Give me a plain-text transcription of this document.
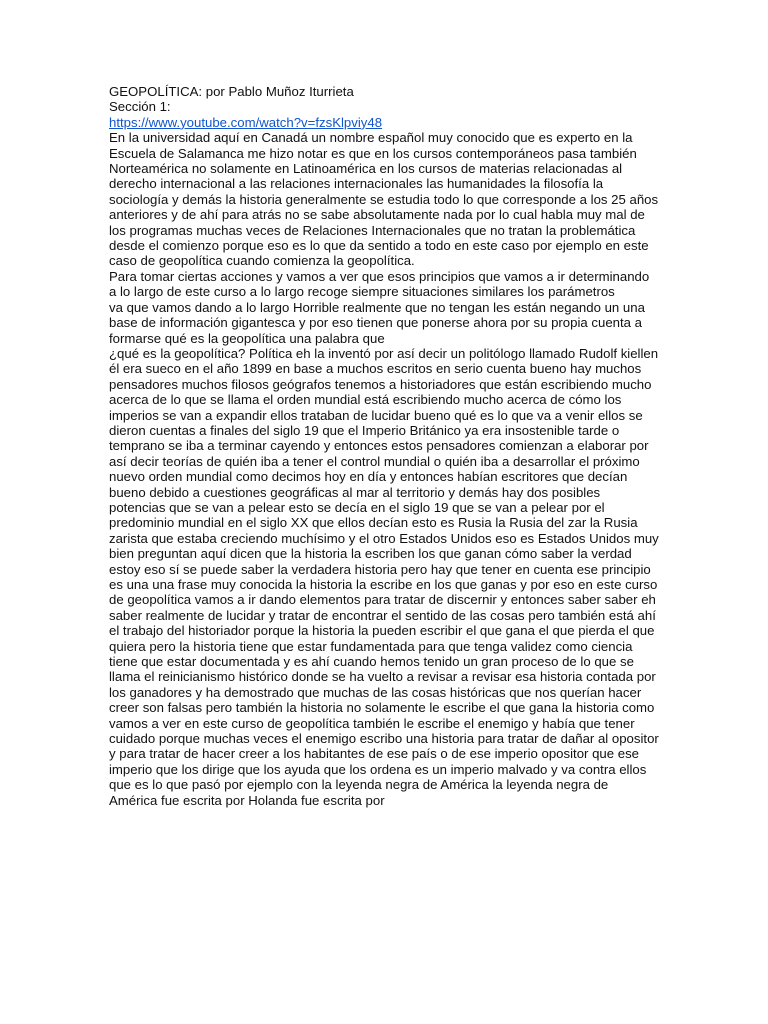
GEOPOLÍTICA: por Pablo Muñoz Iturrieta

Sección 1:

https://www.youtube.com/watch?v=fzsKlpviy48

En la universidad aquí en Canadá un nombre español muy conocido que es experto en la Escuela de Salamanca me hizo notar es que en los cursos contemporáneos pasa también Norteamérica no solamente en Latinoamérica en los cursos de materias relacionadas al derecho internacional a las relaciones internacionales las humanidades la filosofía la sociología y demás la historia generalmente se estudia todo lo que corresponde a los 25 años anteriores y de ahí para atrás no se sabe absolutamente nada por lo cual habla muy mal de los programas muchas veces de Relaciones Internacionales que no tratan la problemática desde el comienzo porque eso es lo que da sentido a todo en este caso por ejemplo en este caso de geopolítica cuando comienza la geopolítica.

Para tomar ciertas acciones y vamos a ver que esos principios que vamos a ir determinando a lo largo de este curso a lo largo recoge siempre situaciones similares los parámetros

va que vamos dando a lo largo Horrible realmente que no tengan les están negando un una base de información gigantesca y por eso tienen que ponerse ahora por su propia cuenta a formarse qué es la geopolítica una palabra que

¿qué es la geopolítica? Política eh la inventó por así decir un politólogo llamado Rudolf kiellen él era sueco en el año 1899 en base a muchos escritos en serio cuenta bueno hay muchos pensadores muchos filosos geógrafos tenemos a historiadores que están escribiendo mucho acerca de lo que se llama el orden mundial está escribiendo mucho acerca de cómo los imperios se van a expandir ellos trataban de lucidar bueno qué es lo que va a venir ellos se dieron cuentas a finales del siglo 19 que el Imperio Británico ya era insostenible tarde o temprano se iba a terminar cayendo y entonces estos pensadores comienzan a elaborar por así decir teorías de quién iba a tener el control mundial o quién iba a desarrollar el próximo nuevo orden mundial como decimos hoy en día y entonces habían escritores que decían bueno debido a cuestiones geográficas al mar al territorio y demás hay dos posibles potencias que se van a pelear esto se decía en el siglo 19 que se van a pelear por el predominio mundial en el siglo XX que ellos decían esto es Rusia la Rusia del zar la Rusia zarista que estaba creciendo muchísimo y el otro Estados Unidos eso es Estados Unidos muy bien preguntan aquí dicen que la historia la escriben los que ganan cómo saber la verdad estoy eso sí se puede saber la verdadera historia pero hay que tener en cuenta ese principio es una una frase muy conocida la historia la escribe en los que ganas y por eso en este curso de geopolítica vamos a ir dando elementos para tratar de discernir y entonces saber saber eh saber realmente de lucidar y tratar de encontrar el sentido de las cosas pero también está ahí el trabajo del historiador porque la historia la pueden escribir el que gana el que pierda el que quiera pero la historia tiene que estar fundamentada para que tenga validez como ciencia tiene que estar documentada y es ahí cuando hemos tenido un gran proceso de lo que se llama el reinicianismo histórico donde se ha vuelto a revisar a revisar esa historia contada por los ganadores y ha demostrado que muchas de las cosas históricas que nos querían hacer creer son falsas pero también la historia no solamente le escribe el que gana la historia como vamos a ver en este curso de geopolítica también le escribe el enemigo y había que tener cuidado porque muchas veces el enemigo escribo una historia para tratar de dañar al opositor y para tratar de hacer creer a los habitantes de ese país o de ese imperio opositor que ese imperio que los dirige que los ayuda que los ordena es un imperio malvado y va contra ellos que es lo que pasó por ejemplo con la leyenda negra de América la leyenda negra de América fue escrita por Holanda fue escrita por
